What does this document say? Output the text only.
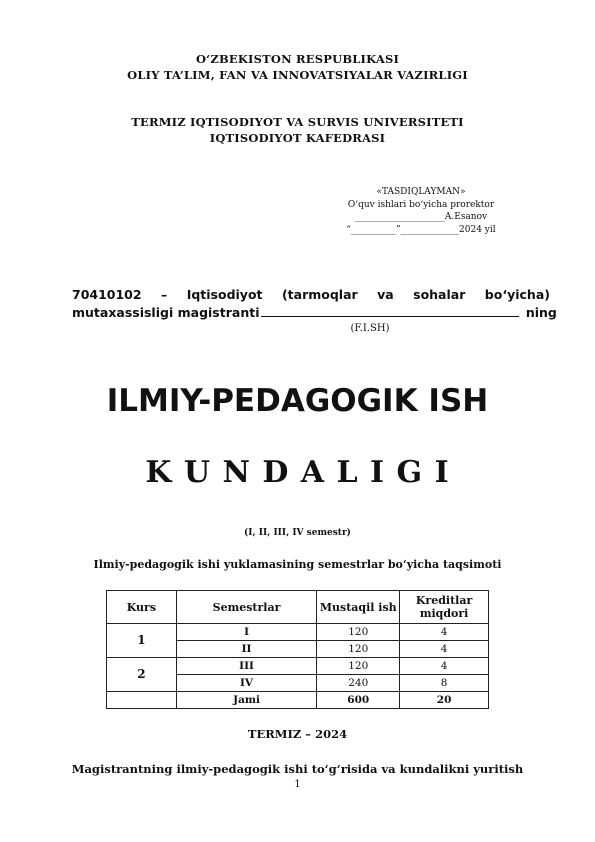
O‘ZBEKISTON RESPUBLIKASI
OLIY TA’LIM, FAN VA INNOVATSIYALAR VAZIRLIGI
TERMIZ IQTISODIYOT VA SURVIS UNIVERSITETI
IQTISODIYOT KAFEDRASI
«TASDIQLAYMAN»
O‘quv ishlari bo‘yicha prorektor
____________________A.Esanov
“__________”_____________2024 yil
70410102 – Iqtisodiyot (tarmoqlar va sohalar bo‘yicha)
mutaxassisligi magistranti	ning
(F.I.SH)
ILMIY-PEDAGOGIK ISH
K U N D A L I G I
(I, II, III, IV semestr)
Ilmiy-pedagogik ishi yuklamasining semestrlar bo‘yicha taqsimoti
Kurs	Semestrlar	Mustaqil ish	Kreditlar miqdori
1	I	120	4
	II	120	4
2	III	120	4
	IV	240	8
	Jami	600	20
TERMIZ – 2024
Magistrantning ilmiy-pedagogik ishi to‘g‘risida va kundalikni yuritish
1
